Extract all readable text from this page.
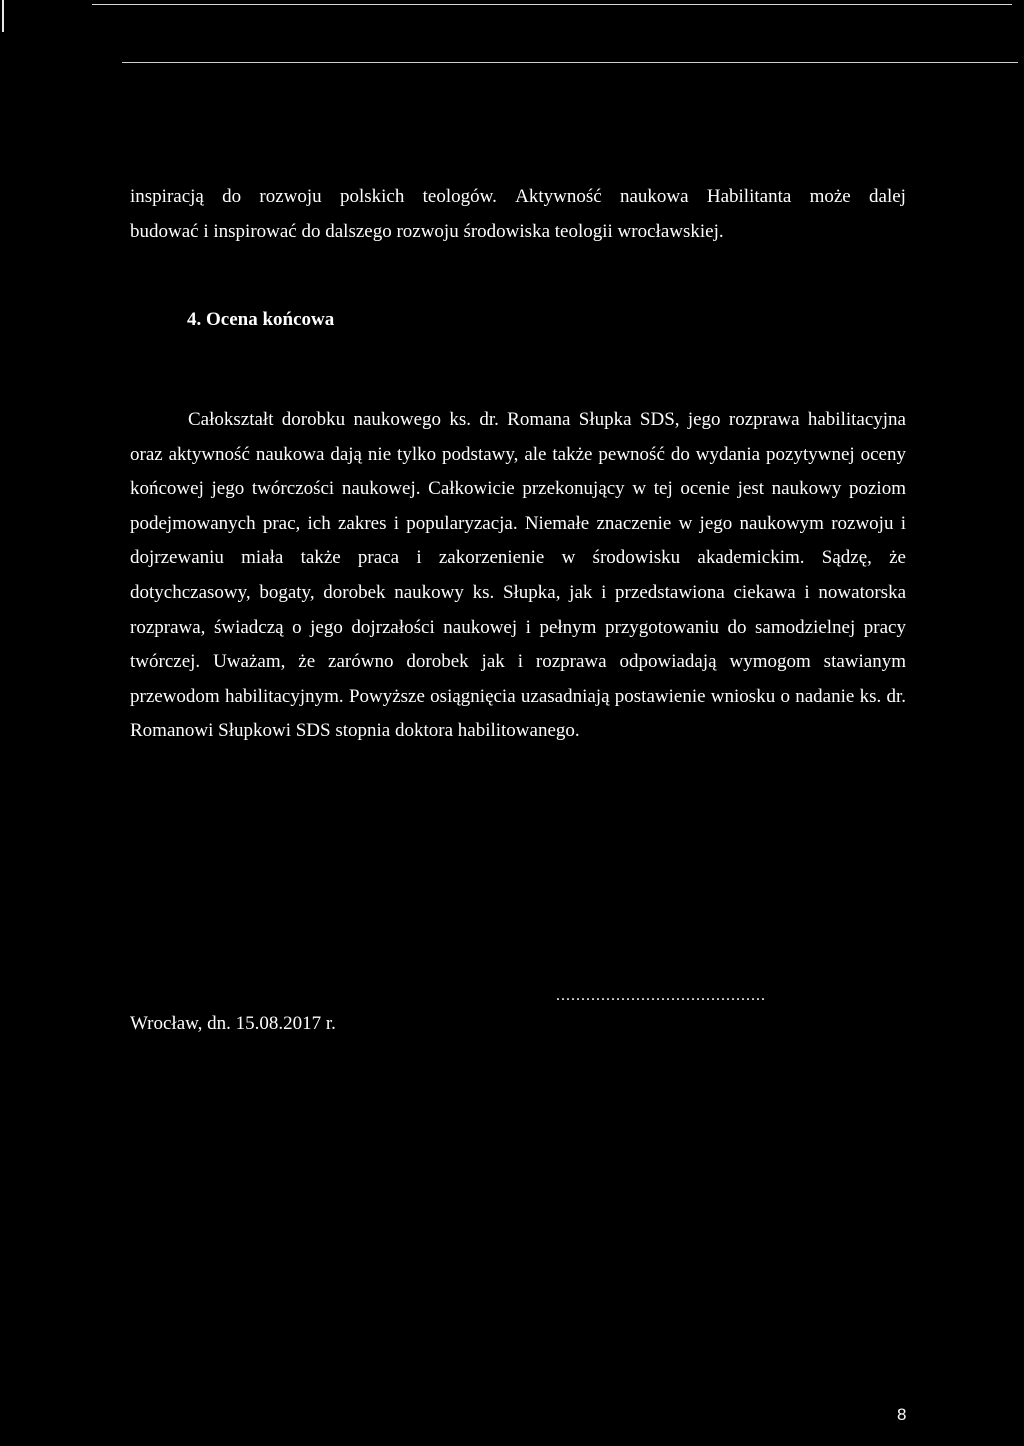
inspiracją do rozwoju polskich teologów. Aktywność naukowa Habilitanta może dalej
budować i inspirować do dalszego rozwoju środowiska teologii wrocławskiej.
4. Ocena końcowa

Całokształt dorobku naukowego ks. dr. Romana Słupka SDS, jego rozprawa habilitacyjna oraz aktywność naukowa dają nie tylko podstawy, ale także pewność do wydania pozytywnej oceny końcowej jego twórczości naukowej. Całkowicie przekonujący w tej ocenie jest naukowy poziom podejmowanych prac, ich zakres i popularyzacja. Niemałe znaczenie w jego naukowym rozwoju i dojrzewaniu miała także praca i zakorzenienie w środowisku akademickim. Sądzę, że dotychczasowy, bogaty, dorobek naukowy ks. Słupka, jak i przedstawiona ciekawa i nowatorska rozprawa, świadczą o jego dojrzałości naukowej i pełnym przygotowaniu do samodzielnej pracy twórczej. Uważam, że zarówno dorobek jak i rozprawa odpowiadają wymogom stawianym przewodom habilitacyjnym. Powyższe osiągnięcia uzasadniają postawienie wniosku o nadanie ks. dr. Romanowi Słupkowi SDS stopnia doktora habilitowanego.

Wrocław, dn. 15.08.2017 r.
..........................................
8
